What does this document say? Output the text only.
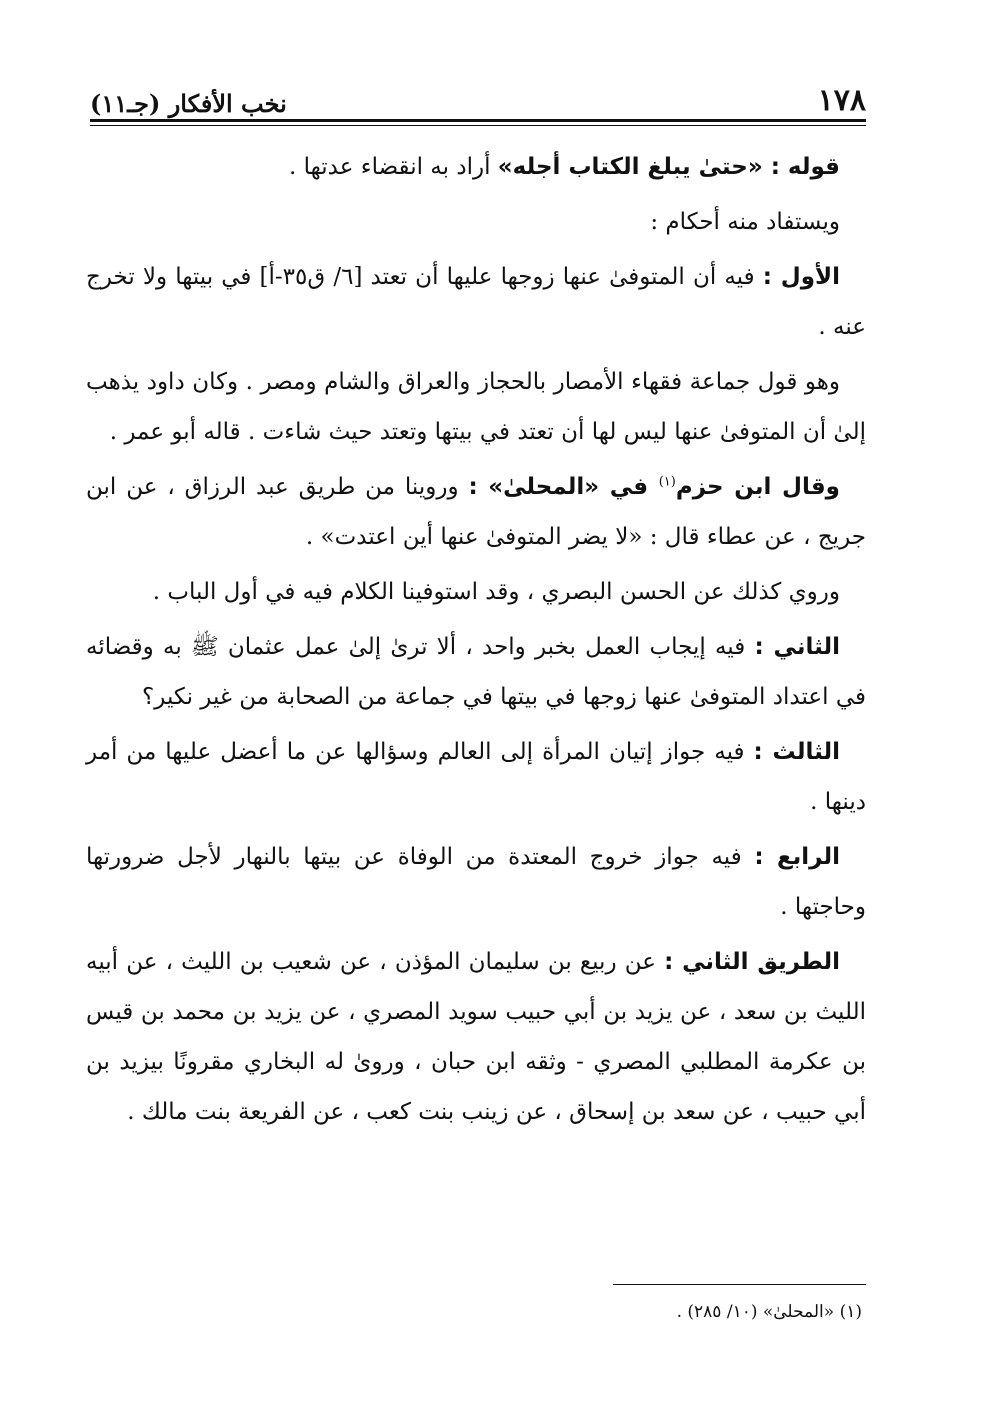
١٧٨
نخب الأفكار (جـ١١)

قوله : «حتىٰ يبلغ الكتاب أجله» أراد به انقضاء عدتها .

ويستفاد منه أحكام :

الأول : فيه أن المتوفىٰ عنها زوجها عليها أن تعتد [٦/ ق٣٥-أ] في بيتها ولا تخرج عنه .

وهو قول جماعة فقهاء الأمصار بالحجاز والعراق والشام ومصر . وكان داود يذهب إلىٰ أن المتوفىٰ عنها ليس لها أن تعتد في بيتها وتعتد حيث شاءت . قاله أبو عمر .

وقال ابن حزم$^{(١)}$ في «المحلىٰ» : وروينا من طريق عبد الرزاق ، عن ابن جريج ، عن عطاء قال : «لا يضر المتوفىٰ عنها أين اعتدت» .

وروي كذلك عن الحسن البصري ، وقد استوفينا الكلام فيه في أول الباب .

الثاني : فيه إيجاب العمل بخبر واحد ، ألا ترىٰ إلىٰ عمل عثمان ﷺ به وقضائه في اعتداد المتوفىٰ عنها زوجها في بيتها في جماعة من الصحابة من غير نكير؟

الثالث : فيه جواز إتيان المرأة إلى العالم وسؤالها عن ما أعضل عليها من أمر دينها .

الرابع : فيه جواز خروج المعتدة من الوفاة عن بيتها بالنهار لأجل ضرورتها وحاجتها .

الطريق الثاني : عن ربيع بن سليمان المؤذن ، عن شعيب بن الليث ، عن أبيه الليث بن سعد ، عن يزيد بن أبي حبيب سويد المصري ، عن يزيد بن محمد بن قيس بن عكرمة المطلبي المصري - وثقه ابن حبان ، وروىٰ له البخاري مقرونًا بيزيد بن أبي حبيب ، عن سعد بن إسحاق ، عن زينب بنت كعب ، عن الفريعة بنت مالك .

(١) «المحلىٰ» (١٠/ ٢٨٥) .
